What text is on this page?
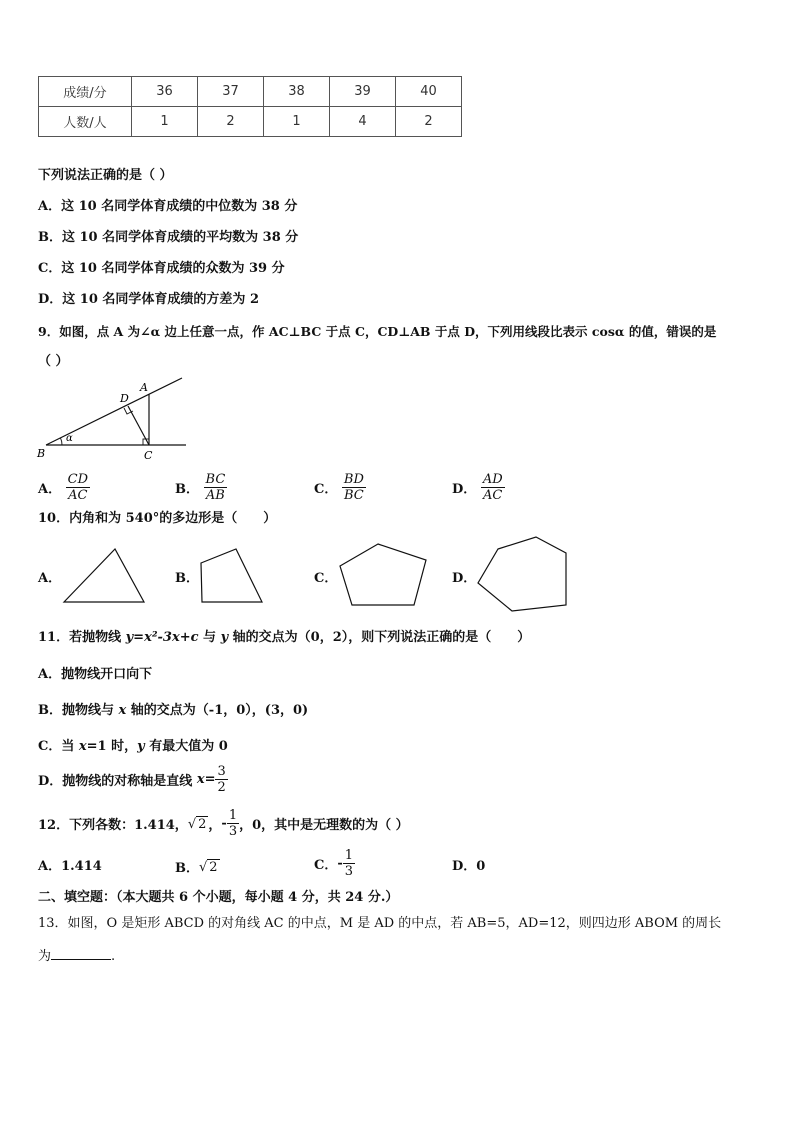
成绩/分	36	37	38	39	40
人数/人	1	2	1	4	2
下列说法正确的是（ ）
A．这 10 名同学体育成绩的中位数为 38 分
B．这 10 名同学体育成绩的平均数为 38 分
C．这 10 名同学体育成绩的众数为 39 分
D．这 10 名同学体育成绩的方差为 2
9．如图，点 A 为∠α 边上任意一点，作 AC⊥BC 于点 C，CD⊥AB 于点 D，下列用线段比表示 cosα 的值，错误的是
（ ）
A
B	C
D
α
A． $\frac{CD}{AC}$	B． $\frac{BC}{AB}$	C． $\frac{BD}{BC}$	D． $\frac{AD}{AC}$
10．内角和为 540°的多边形是（　　）
A．	B．	C．	D．
11．若抛物线 y=x²-3x+c 与 y 轴的交点为（0，2），则下列说法正确的是（　　）
A．抛物线开口向下
B．抛物线与 x 轴的交点为（-1，0），(3，0)
C．当 x=1 时，y 有最大值为 0
D．抛物线的对称轴是直线 $x= \frac{3}{2}$
12．下列各数：1.414，√ 2 ，- $\frac{1}{3}$ ，0，其中是无理数的为（ ）
A．1.414	B．√ 2	C．- $\frac{1}{3}$	D．0
二、填空题：（本大题共 6 个小题，每小题 4 分，共 24 分.）
13．如图，O 是矩形 ABCD 的对角线 AC 的中点，M 是 AD 的中点，若 AB=5，AD=12，则四边形 ABOM 的周长
为	.
